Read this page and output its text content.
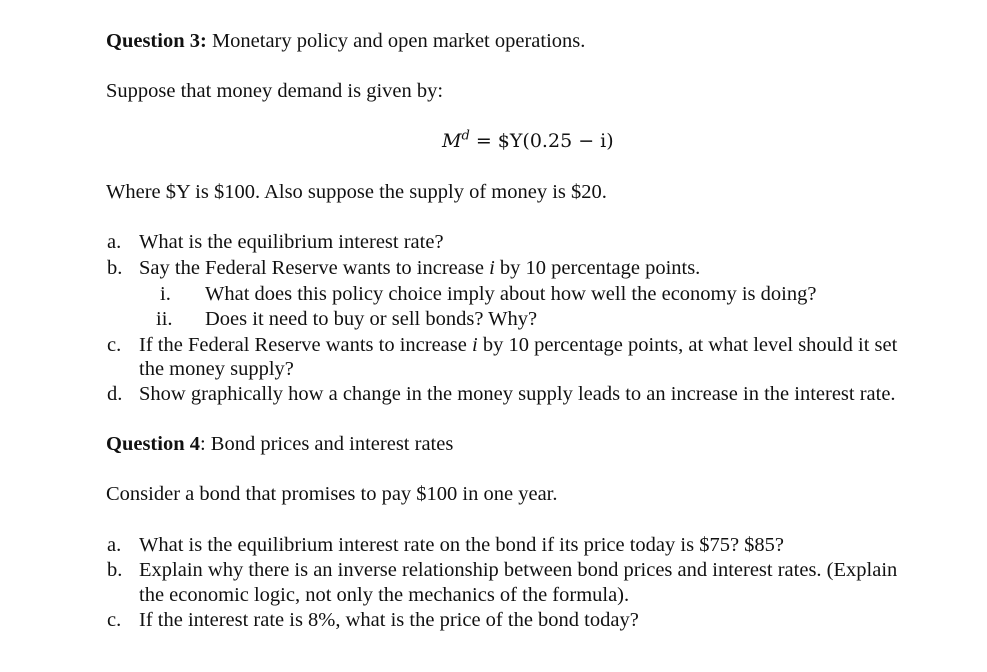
Question 3: Monetary policy and open market operations.
Suppose that money demand is given by:
$M^d$ = $Y(0.25 − i)
Where $Y is $100. Also suppose the supply of money is $20.
a. What is the equilibrium interest rate?
b. Say the Federal Reserve wants to increase i by 10 percentage points.
i. What does this policy choice imply about how well the economy is doing?
ii. Does it need to buy or sell bonds? Why?
c. If the Federal Reserve wants to increase i by 10 percentage points, at what level should it set
the money supply?
d. Show graphically how a change in the money supply leads to an increase in the interest rate.
Question 4: Bond prices and interest rates
Consider a bond that promises to pay $100 in one year.
a. What is the equilibrium interest rate on the bond if its price today is $75? $85?
b. Explain why there is an inverse relationship between bond prices and interest rates. (Explain
the economic logic, not only the mechanics of the formula).
c. If the interest rate is 8%, what is the price of the bond today?
